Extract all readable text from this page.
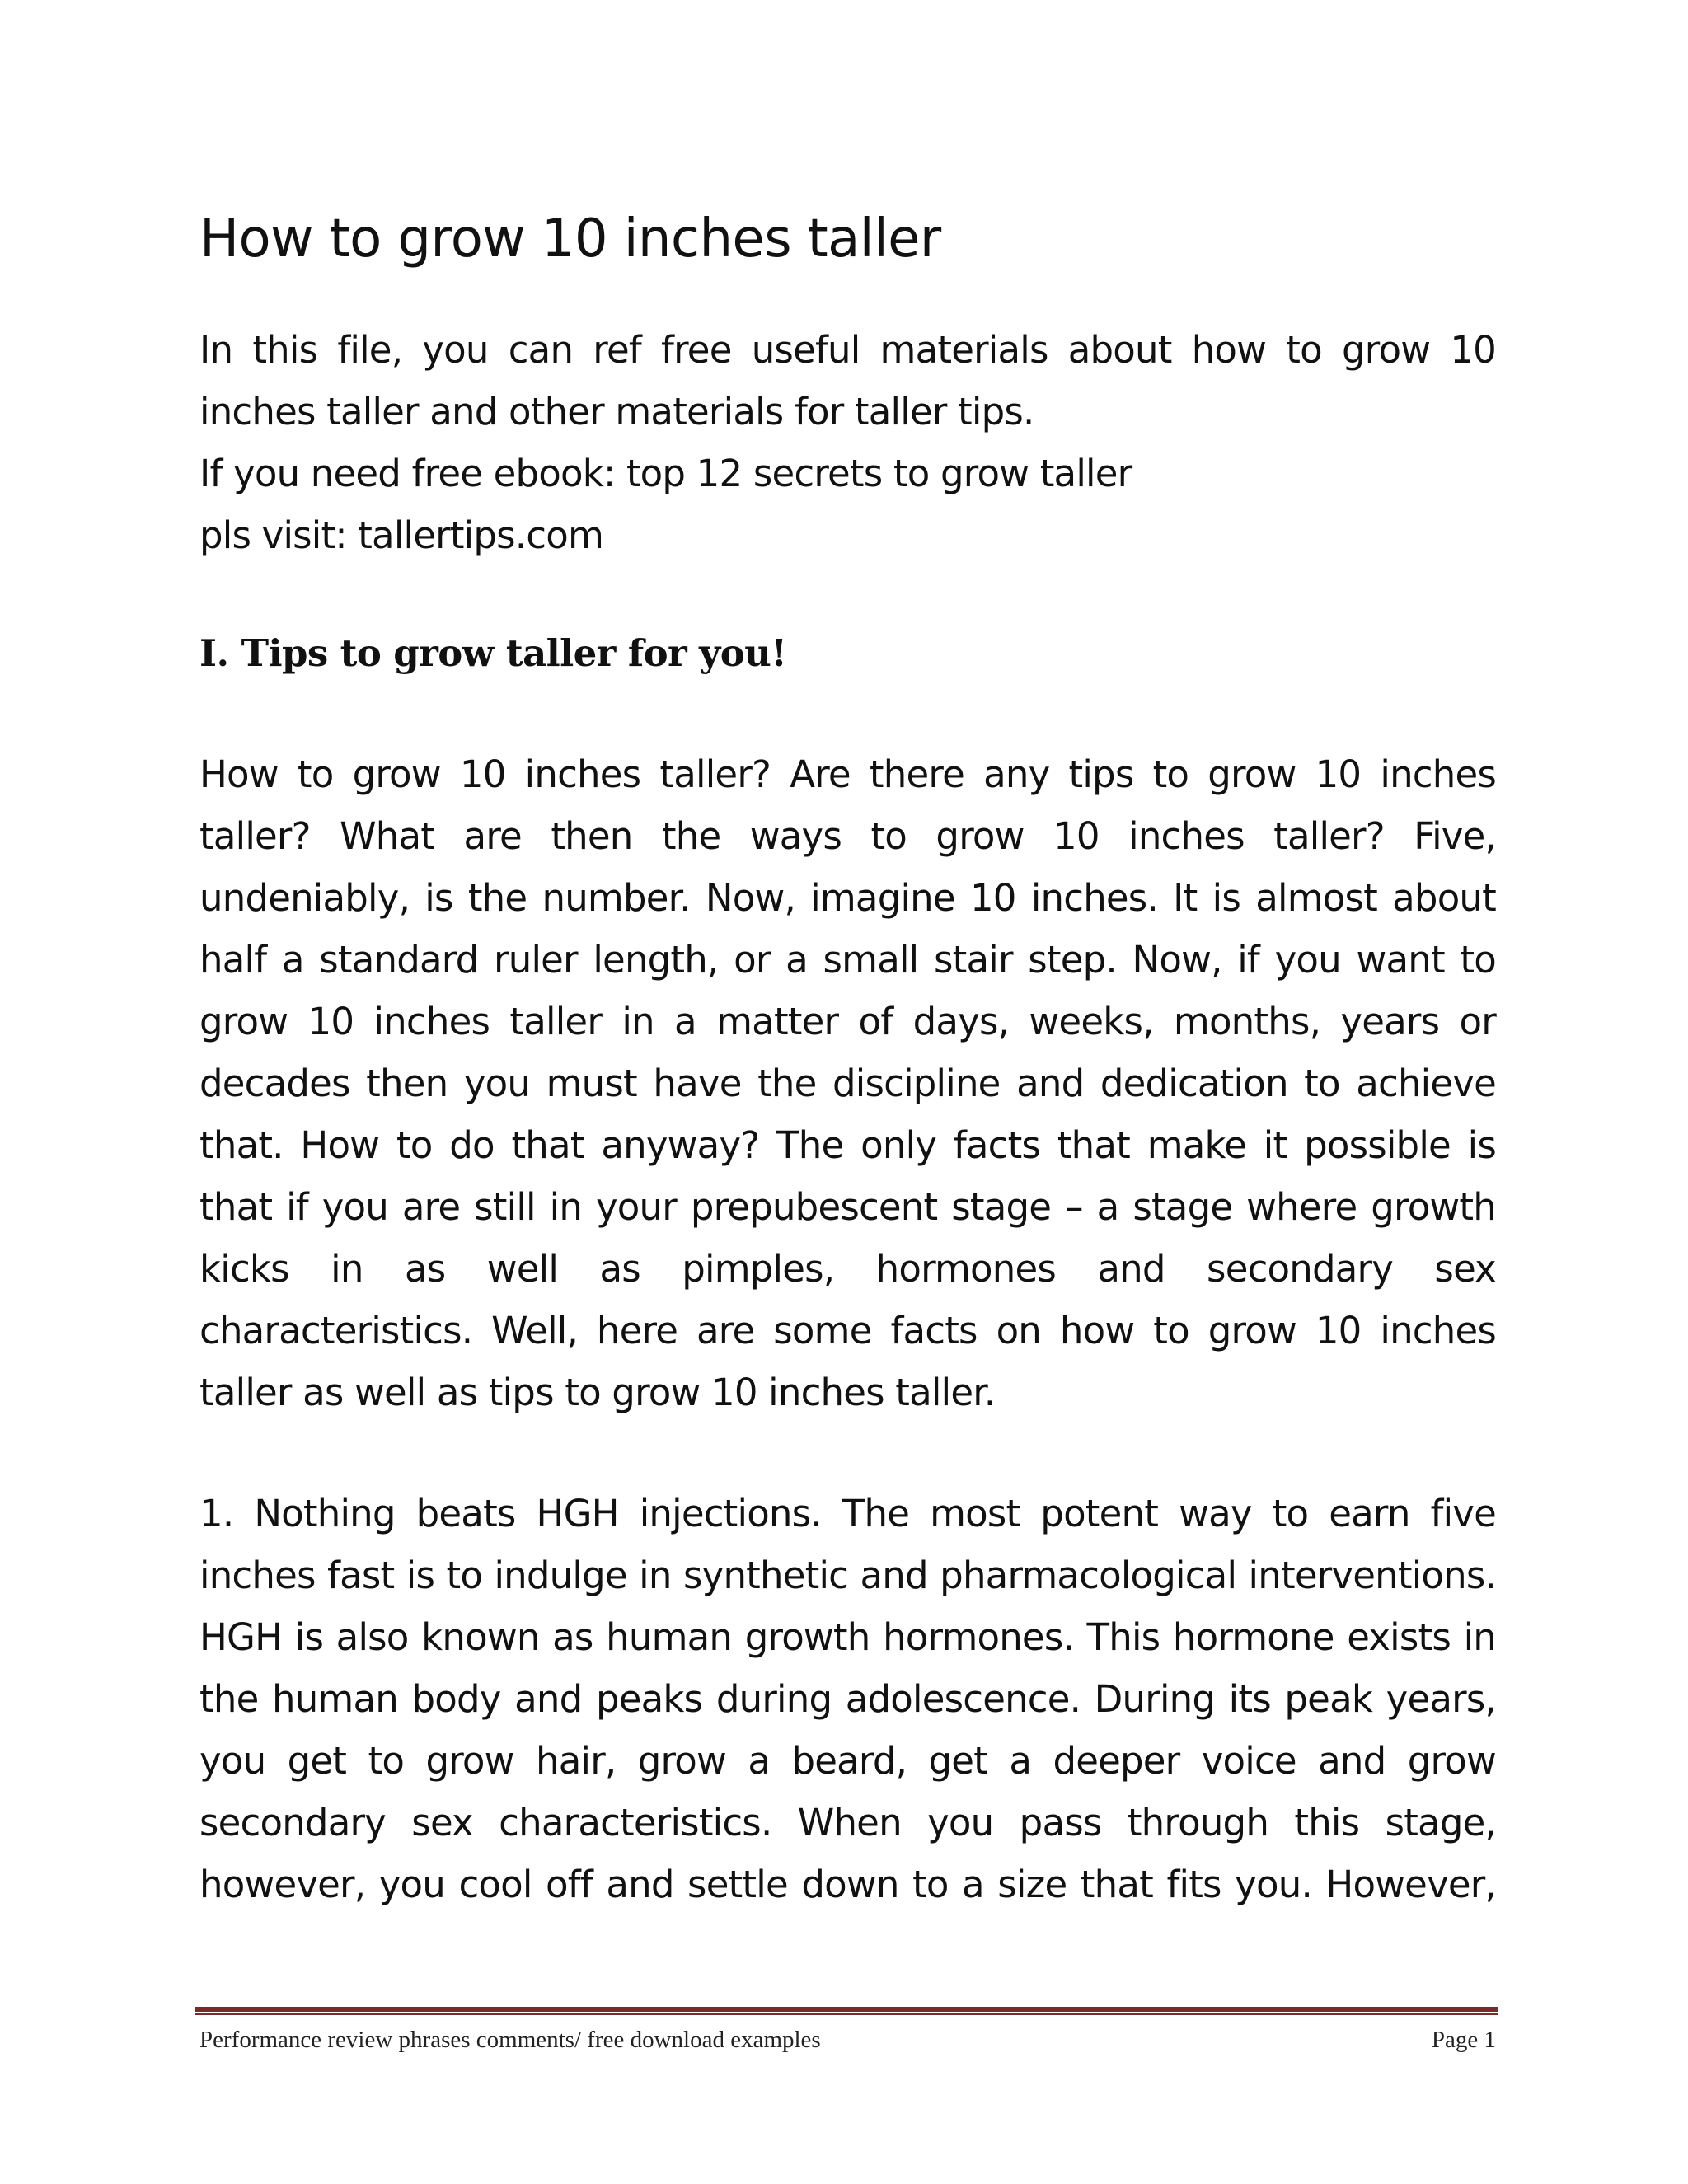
How to grow 10 inches taller

In this file, you can ref free useful materials about how to grow 10 inches taller and other materials for taller tips.

If you need free ebook: top 12 secrets to grow taller

pls visit: tallertips.com

I. Tips to grow taller for you!

How to grow 10 inches taller? Are there any tips to grow 10 inches taller? What are then the ways to grow 10 inches taller? Five, undeniably, is the number. Now, imagine 10 inches. It is almost about half a standard ruler length, or a small stair step. Now, if you want to grow 10 inches taller in a matter of days, weeks, months, years or decades then you must have the discipline and dedication to achieve that. How to do that anyway? The only facts that make it possible is that if you are still in your prepubescent stage – a stage where growth kicks in as well as pimples, hormones and secondary sex characteristics. Well, here are some facts on how to grow 10 inches taller as well as tips to grow 10 inches taller.

1. Nothing beats HGH injections. The most potent way to earn five inches fast is to indulge in synthetic and pharmacological interventions. HGH is also known as human growth hormones. This hormone exists in the human body and peaks during adolescence. During its peak years, you get to grow hair, grow a beard, get a deeper voice and grow secondary sex characteristics. When you pass through this stage, however, you cool off and settle down to a size that fits you. However,

Performance review phrases comments/ free download examples	Page 1
